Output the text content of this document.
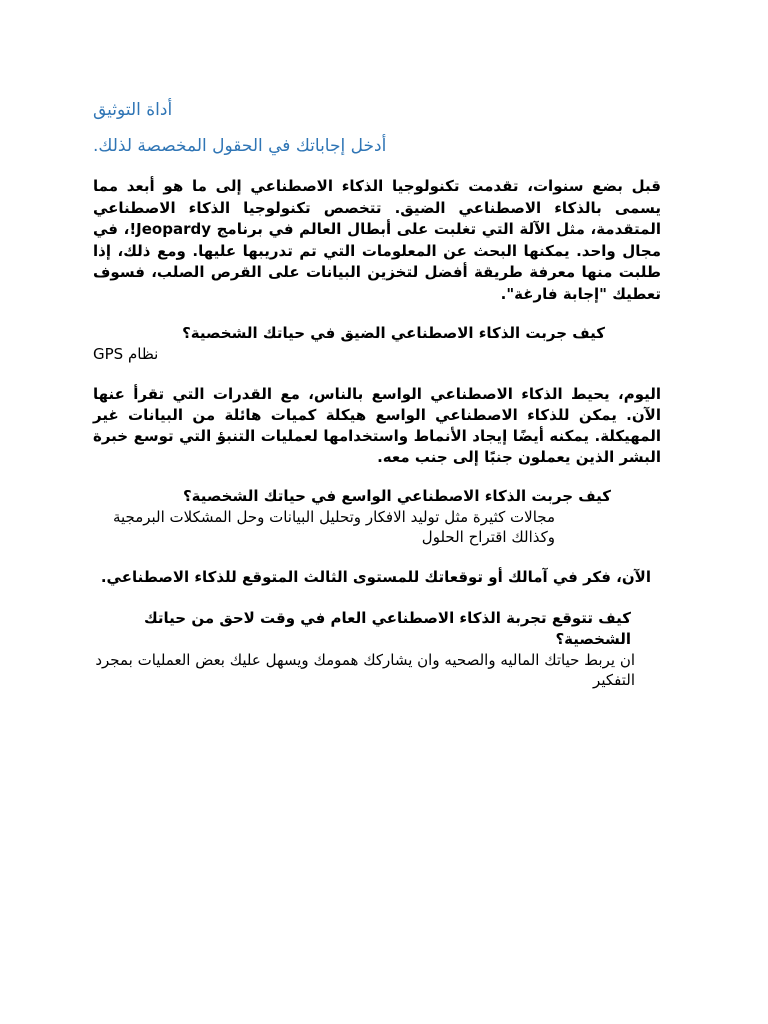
أداة التوثيق

أدخل إجاباتك في الحقول المخصصة لذلك.

قبل بضع سنوات، تقدمت تكنولوجيا الذكاء الاصطناعي إلى ما هو أبعد مما يسمى بالذكاء الاصطناعي الضيق. تتخصص تكنولوجيا الذكاء الاصطناعي المتقدمة، مثل الآلة التي تغلبت على أبطال العالم في برنامج Jeopardy!، في مجال واحد. يمكنها البحث عن المعلومات التي تم تدريبها عليها. ومع ذلك، إذا طلبت منها معرفة طريقة أفضل لتخزين البيانات على القرص الصلب، فسوف تعطيك "إجابة فارغة".

كيف جربت الذكاء الاصطناعي الضيق في حياتك الشخصية؟

نظام GPS

اليوم، يحيط الذكاء الاصطناعي الواسع بالناس، مع القدرات التي تقرأ عنها الآن. يمكن للذكاء الاصطناعي الواسع هيكلة كميات هائلة من البيانات غير المهيكلة. يمكنه أيضًا إيجاد الأنماط واستخدامها لعمليات التنبؤ التي توسع خبرة البشر الذين يعملون جنبًا إلى جنب معه.

كيف جربت الذكاء الاصطناعي الواسع في حياتك الشخصية؟

مجالات كثيرة مثل توليد الافكار وتحليل البيانات وحل المشكلات البرمجية وكذالك اقتراح الحلول

الآن، فكر في آمالك أو توقعاتك للمستوى الثالث المتوقع للذكاء الاصطناعي.

كيف تتوقع تجربة الذكاء الاصطناعي العام في وقت لاحق من حياتك الشخصية؟

ان يربط حياتك الماليه والصحيه وان يشاركك همومك ويسهل عليك بعض العمليات بمجرد التفكير
